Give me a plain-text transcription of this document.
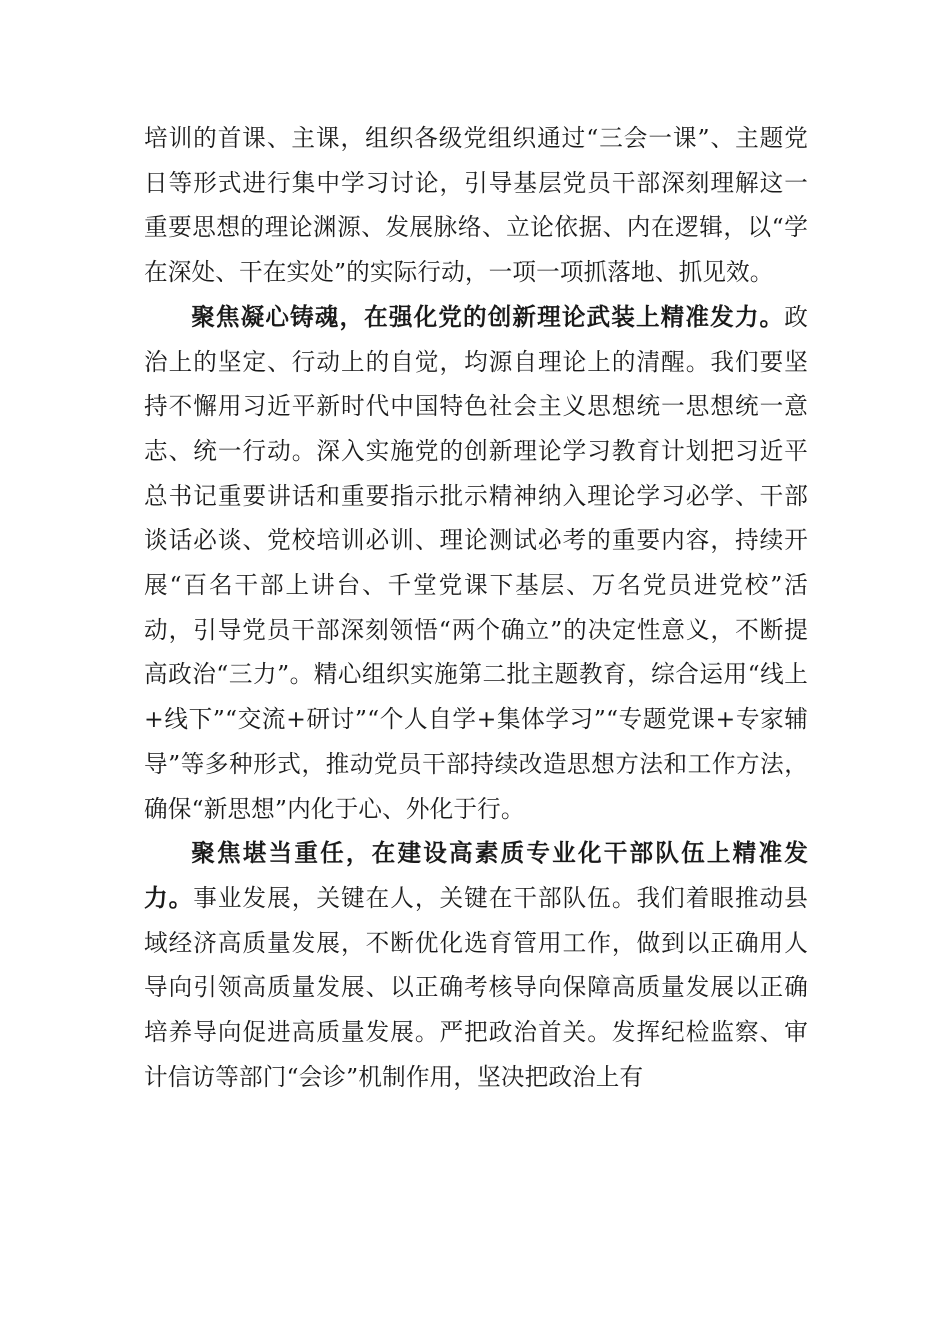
培训的首课、主课，组织各级党组织通过“三会一课”、主题党日等形式进行集中学习讨论，引导基层党员干部深刻理解这一重要思想的理论渊源、发展脉络、立论依据、内在逻辑，以“学在深处、干在实处”的实际行动，一项一项抓落地、抓见效。

聚焦凝心铸魂，在强化党的创新理论武装上精准发力。政治上的坚定、行动上的自觉，均源自理论上的清醒。我们要坚持不懈用习近平新时代中国特色社会主义思想统一思想统一意志、统一行动。深入实施党的创新理论学习教育计划把习近平总书记重要讲话和重要指示批示精神纳入理论学习必学、干部谈话必谈、党校培训必训、理论测试必考的重要内容，持续开展“百名干部上讲台、千堂党课下基层、万名党员进党校”活动，引导党员干部深刻领悟“两个确立”的决定性意义，不断提高政治“三力”。精心组织实施第二批主题教育，综合运用“线上+线下”“交流+研讨”“个人自学+集体学习”“专题党课+专家辅导”等多种形式，推动党员干部持续改造思想方法和工作方法，确保“新思想”内化于心、外化于行。

聚焦堪当重任，在建设高素质专业化干部队伍上精准发力。事业发展，关键在人，关键在干部队伍。我们着眼推动县域经济高质量发展，不断优化选育管用工作，做到以正确用人导向引领高质量发展、以正确考核导向保障高质量发展以正确培养导向促进高质量发展。严把政治首关。发挥纪检监察、审计信访等部门“会诊”机制作用，坚决把政治上有
